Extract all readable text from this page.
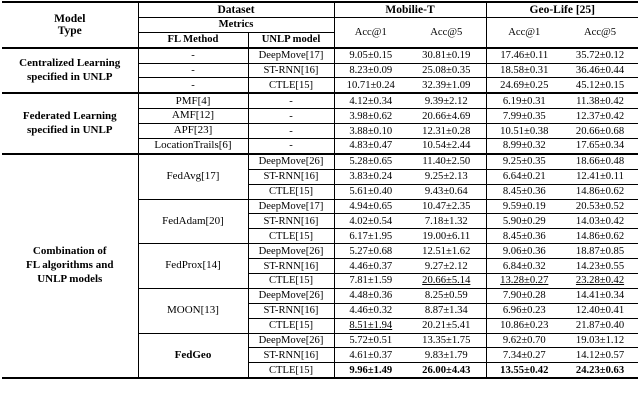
Model
Type	Dataset		Mobilie-T		Geo-Life [25]	
	Metrics		Acc@1	Acc@5	Acc@1	Acc@5
	FL Method	UNLP model				
Centralized Learning
specified in UNLP	-	DeepMove[17]	9.05±0.15	30.81±0.19	17.46±0.11	35.72±0.12
	-	ST-RNN[16]	8.23±0.09	25.08±0.35	18.58±0.31	36.46±0.44
	-	CTLE[15]	10.71±0.24	32.39±1.09	24.69±0.25	45.12±0.15
Federated Learning
specified in UNLP	PMF[4]	-	4.12±0.34	9.39±2.12	6.19±0.31	11.38±0.42
	AMF[12]	-	3.98±0.62	20.66±4.69	7.99±0.35	12.37±0.42
	APF[23]	-	3.88±0.10	12.31±0.28	10.51±0.38	20.66±0.68
	LocationTrails[6]	-	4.83±0.47	10.54±2.44	8.99±0.32	17.65±0.34
Combination of
FL algorithms and
UNLP models	FedAvg[17]	DeepMove[26]	5.28±0.65	11.40±2.50	9.25±0.35	18.66±0.48
		ST-RNN[16]	3.83±0.24	9.25±2.13	6.64±0.21	12.41±0.11
		CTLE[15]	5.61±0.40	9.43±0.64	8.45±0.36	14.86±0.62
	FedAdam[20]	DeepMove[17]	4.94±0.65	10.47±2.35	9.59±0.19	20.53±0.52
		ST-RNN[16]	4.02±0.54	7.18±1.32	5.90±0.29	14.03±0.42
		CTLE[15]	6.17±1.95	19.00±6.11	8.45±0.36	14.86±0.62
	FedProx[14]	DeepMove[26]	5.27±0.68	12.51±1.62	9.06±0.36	18.87±0.85
		ST-RNN[16]	4.46±0.37	9.27±2.12	6.84±0.32	14.23±0.55
		CTLE[15]	7.81±1.59	20.66±5.14	13.28±0.27	23.28±0.42
	MOON[13]	DeepMove[26]	4.48±0.36	8.25±0.59	7.90±0.28	14.41±0.34
		ST-RNN[16]	4.46±0.32	8.87±1.34	6.96±0.23	12.40±0.41
		CTLE[15]	8.51±1.94	20.21±5.41	10.86±0.23	21.87±0.40
	FedGeo	DeepMove[26]	5.72±0.51	13.35±1.75	9.62±0.70	19.03±1.12
		ST-RNN[16]	4.61±0.37	9.83±1.79	7.34±0.27	14.12±0.57
		CTLE[15]	9.96±1.49	26.00±4.43	13.55±0.42	24.23±0.63
